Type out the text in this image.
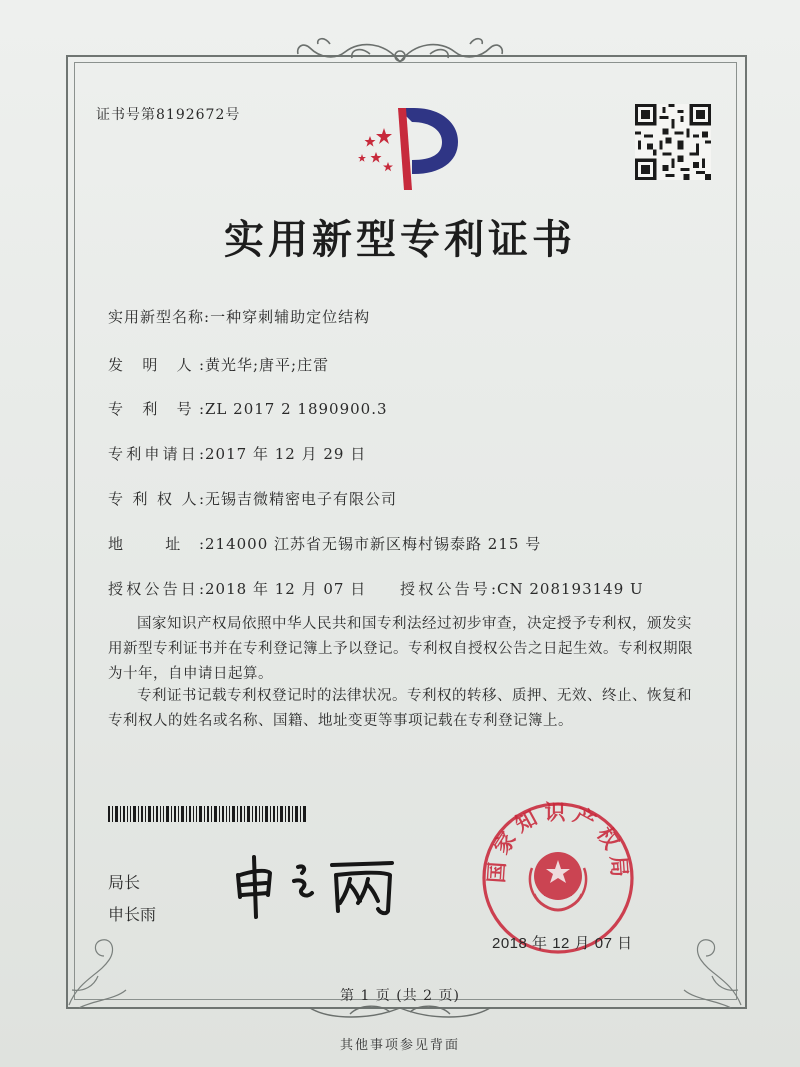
证书号第8192672号
实用新型专利证书
实用新型名称:一种穿刺辅助定位结构
发 明 人:黄光华;唐平;庄雷
专 利 号:ZL 2017 2 1890900.3
专利申请日:2017 年 12 月 29 日
专 利 权 人:无锡吉微精密电子有限公司
地 址:214000 江苏省无锡市新区梅村锡泰路 215 号
授权公告日:2018 年 12 月 07 日 授权公告号:CN 208193149 U
国家知识产权局依照中华人民共和国专利法经过初步审查，决定授予专利权，颁发实用新型专利证书并在专利登记簿上予以登记。专利权自授权公告之日起生效。专利权期限为十年，自申请日起算。
专利证书记载专利权登记时的法律状况。专利权的转移、质押、无效、终止、恢复和专利权人的姓名或名称、国籍、地址变更等事项记载在专利登记簿上。
局长
申长雨
国家知识产权局
2018 年 12 月 07 日
第 1 页 (共 2 页)
其他事项参见背面
